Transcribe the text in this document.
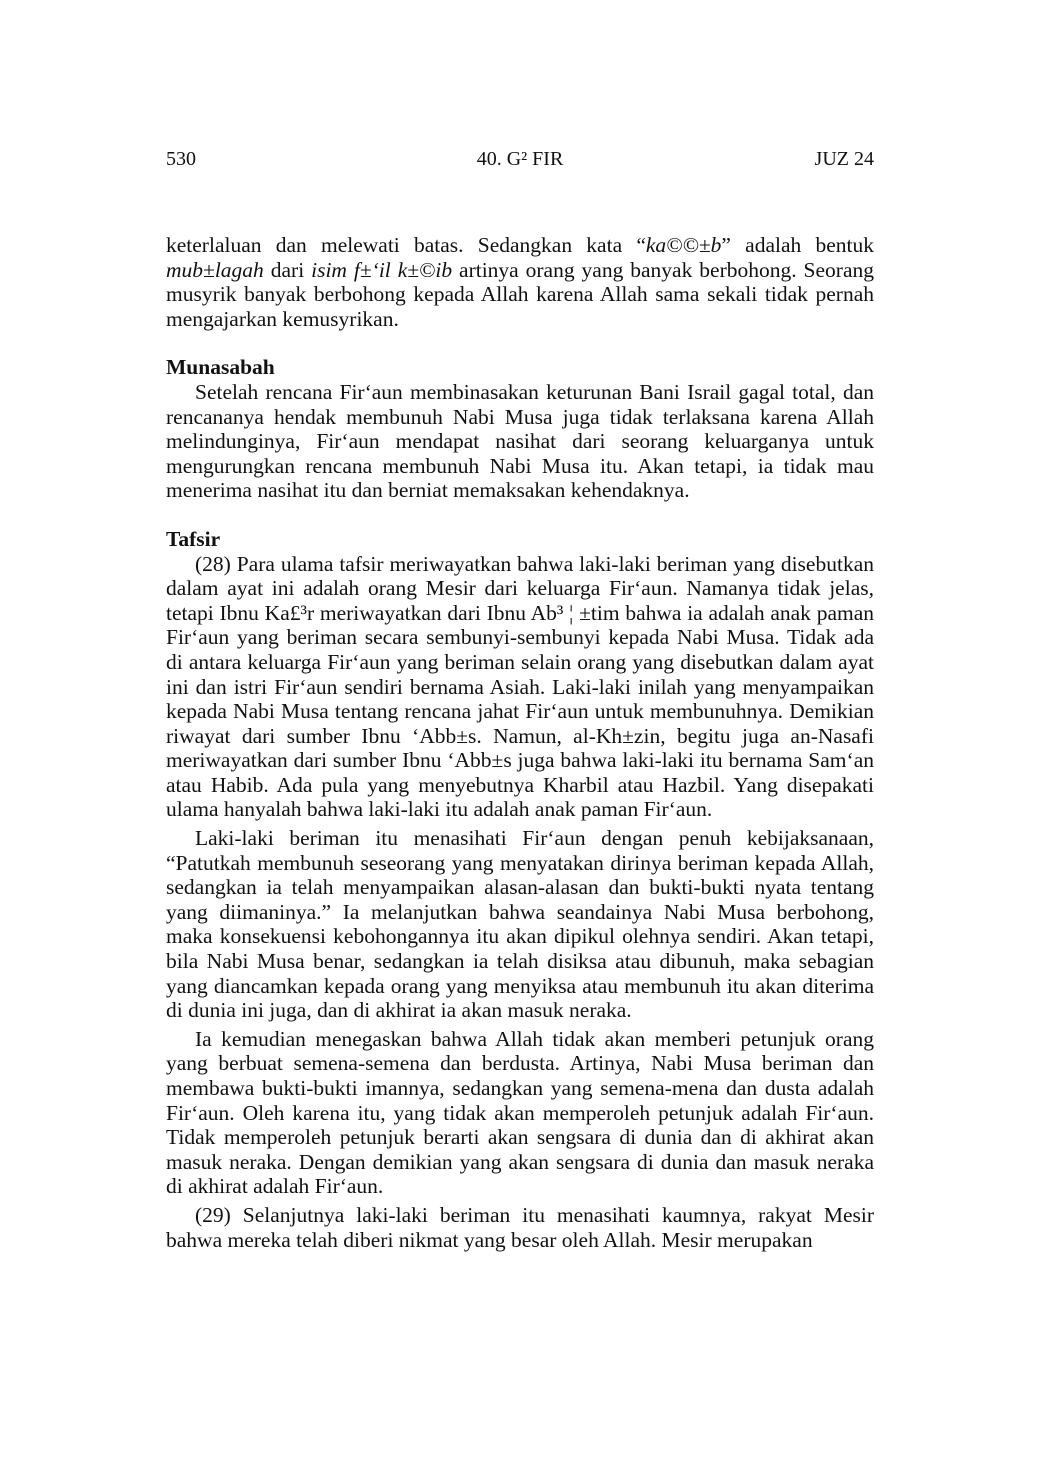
530	40. G² FIR	JUZ 24

keterlaluan dan melewati batas. Sedangkan kata “ka©©±b” adalah bentuk mub±lagah dari isim f±‘il k±©ib artinya orang yang banyak berbohong. Seorang musyrik banyak berbohong kepada Allah karena Allah sama sekali tidak pernah mengajarkan kemusyrikan.

Munasabah

Setelah rencana Fir‘aun membinasakan keturunan Bani Israil gagal total, dan rencananya hendak membunuh Nabi Musa juga tidak terlaksana karena Allah melindunginya, Fir‘aun mendapat nasihat dari seorang keluarganya untuk mengurungkan rencana membunuh Nabi Musa itu. Akan tetapi, ia tidak mau menerima nasihat itu dan berniat memaksakan kehendaknya.

Tafsir

(28) Para ulama tafsir meriwayatkan bahwa laki-laki beriman yang disebutkan dalam ayat ini adalah orang Mesir dari keluarga Fir‘aun. Namanya tidak jelas, tetapi Ibnu Ka£³r meriwayatkan dari Ibnu Ab³ ¦ ±tim bahwa ia adalah anak paman Fir‘aun yang beriman secara sembunyi-sembunyi kepada Nabi Musa. Tidak ada di antara keluarga Fir‘aun yang beriman selain orang yang disebutkan dalam ayat ini dan istri Fir‘aun sendiri bernama Asiah. Laki-laki inilah yang menyampaikan kepada Nabi Musa tentang rencana jahat Fir‘aun untuk membunuhnya. Demikian riwayat dari sumber Ibnu ‘Abb±s. Namun, al-Kh±zin, begitu juga an-Nasafi meriwayatkan dari sumber Ibnu ‘Abb±s juga bahwa laki-laki itu bernama Sam‘an atau Habib. Ada pula yang menyebutnya Kharbil atau Hazbil. Yang disepakati ulama hanyalah bahwa laki-laki itu adalah anak paman Fir‘aun.

Laki-laki beriman itu menasihati Fir‘aun dengan penuh kebijaksanaan, “Patutkah membunuh seseorang yang menyatakan dirinya beriman kepada Allah, sedangkan ia telah menyampaikan alasan-alasan dan bukti-bukti nyata tentang yang diimaninya.” Ia melanjutkan bahwa seandainya Nabi Musa berbohong, maka konsekuensi kebohongannya itu akan dipikul olehnya sendiri. Akan tetapi, bila Nabi Musa benar, sedangkan ia telah disiksa atau dibunuh, maka sebagian yang diancamkan kepada orang yang menyiksa atau membunuh itu akan diterima di dunia ini juga, dan di akhirat ia akan masuk neraka.

Ia kemudian menegaskan bahwa Allah tidak akan memberi petunjuk orang yang berbuat semena-semena dan berdusta. Artinya, Nabi Musa beriman dan membawa bukti-bukti imannya, sedangkan yang semena-mena dan dusta adalah Fir‘aun. Oleh karena itu, yang tidak akan memperoleh petunjuk adalah Fir‘aun. Tidak memperoleh petunjuk berarti akan sengsara di dunia dan di akhirat akan masuk neraka. Dengan demikian yang akan sengsara di dunia dan masuk neraka di akhirat adalah Fir‘aun.

(29) Selanjutnya laki-laki beriman itu menasihati kaumnya, rakyat Mesir bahwa mereka telah diberi nikmat yang besar oleh Allah. Mesir merupakan
